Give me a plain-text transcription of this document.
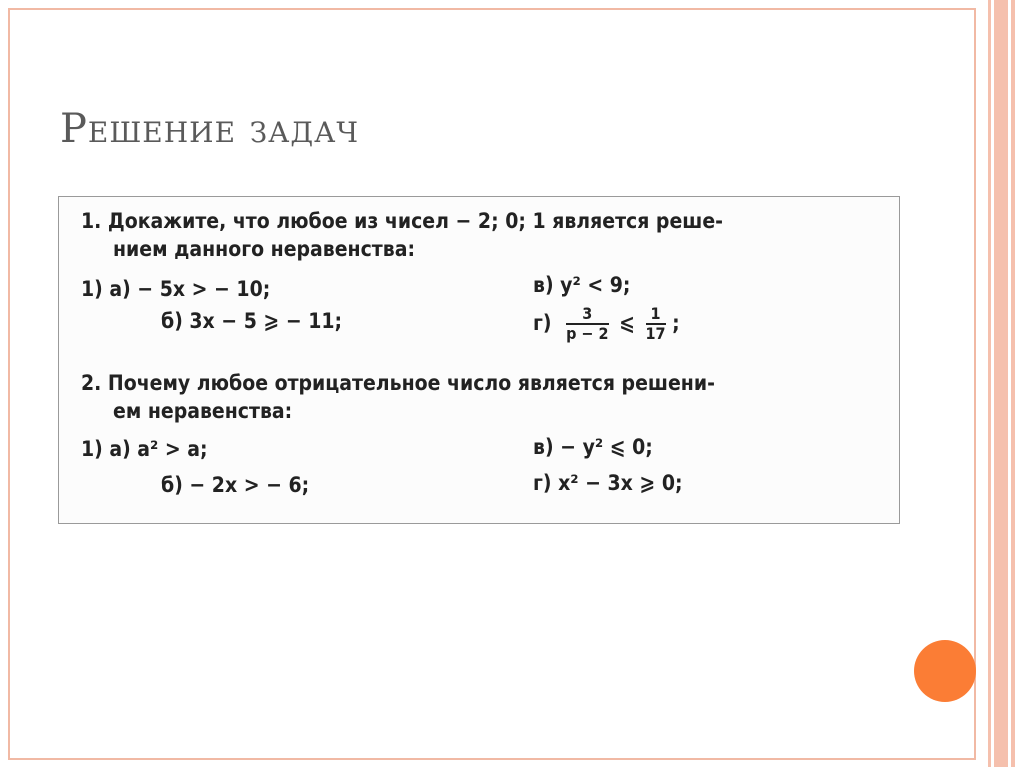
Решение задач
1. Докажите, что любое из чисел − 2; 0; 1 является реше-
нием данного неравенства:
1) а) − 5x > − 10;
б) 3x − 5 ⩾ − 11;
в) y² < 9;
$г) \frac{3}{p - 2}$ ⩽ $\frac{1}{17}$ ;
2. Почему любое отрицательное число является решени-
ем неравенства:
1) а) a² > a;
б) − 2x > − 6;
в) − y² ⩽ 0;
г) x² − 3x ⩾ 0;
